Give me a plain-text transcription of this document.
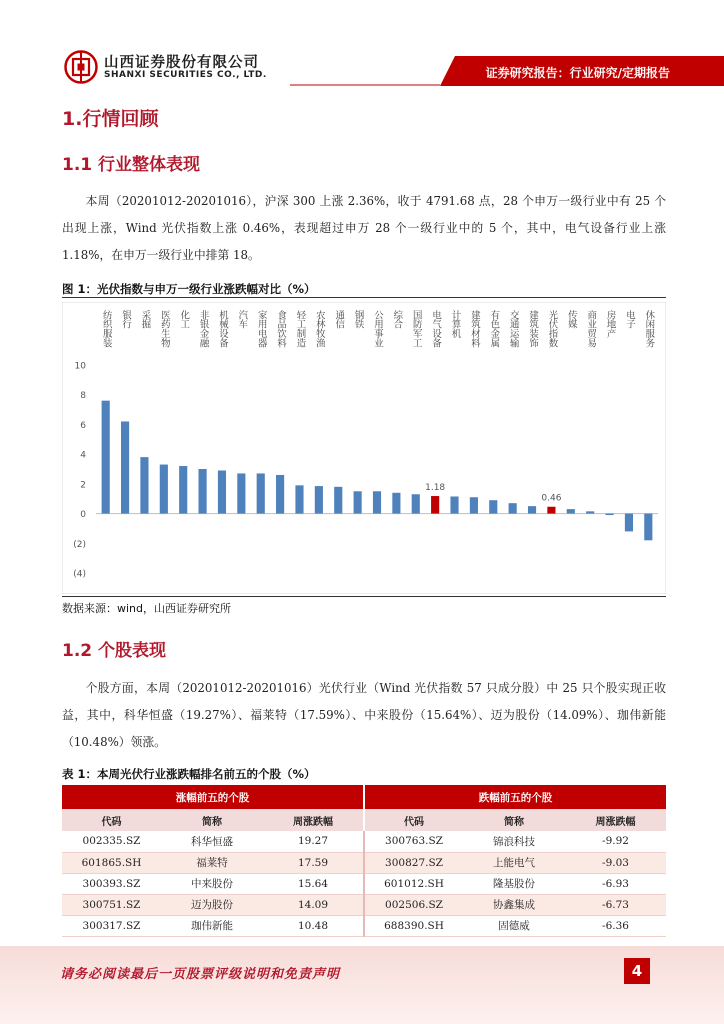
山西证券股份有限公司
SHANXI SECURITIES CO., LTD.	证券研究报告：行业研究/定期报告
1.行情回顾
1.1 行业整体表现
本周（20201012-20201016），沪深 300 上涨 2.36%，收于 4791.68 点，28 个申万一级行业中有 25 个出现上涨，Wind 光伏指数上涨 0.46%，表现超过申万 28 个一级行业中的 5 个，其中，电气设备行业上涨 1.18%，在申万一级行业中排第 18。
图 1：光伏指数与申万一级行业涨跌幅对比（%）
10
8
6
4
2
0
(2)
(4)
1.18
0.46
纺织服装 银行 采掘 医药生物 化工 非银金融 机械设备 汽车 家用电器 食品饮料 轻工制造 农林牧渔 通信 钢铁 公用事业 综合 国防军工 电气设备 计算机 建筑材料 有色金属 交通运输 建筑装饰 光伏指数 传媒 商业贸易 房地产 电子 休闲服务
数据来源：wind，山西证券研究所
1.2 个股表现
个股方面，本周（20201012-20201016）光伏行业（Wind 光伏指数 57 只成分股）中 25 只个股实现正收益，其中，科华恒盛（19.27%）、福莱特（17.59%）、中来股份（15.64%）、迈为股份（14.09%）、珈伟新能（10.48%）领涨。
表 1：本周光伏行业涨跌幅排名前五的个股（%）
涨幅前五的个股			跌幅前五的个股		
代码	简称	周涨跌幅	代码	简称	周涨跌幅
002335.SZ	科华恒盛	19.27	300763.SZ	锦浪科技	-9.92
601865.SH	福莱特	17.59	300827.SZ	上能电气	-9.03
300393.SZ	中来股份	15.64	601012.SH	隆基股份	-6.93
300751.SZ	迈为股份	14.09	002506.SZ	协鑫集成	-6.73
300317.SZ	珈伟新能	10.48	688390.SH	固德威	-6.36
请务必阅读最后一页股票评级说明和免责声明	4
